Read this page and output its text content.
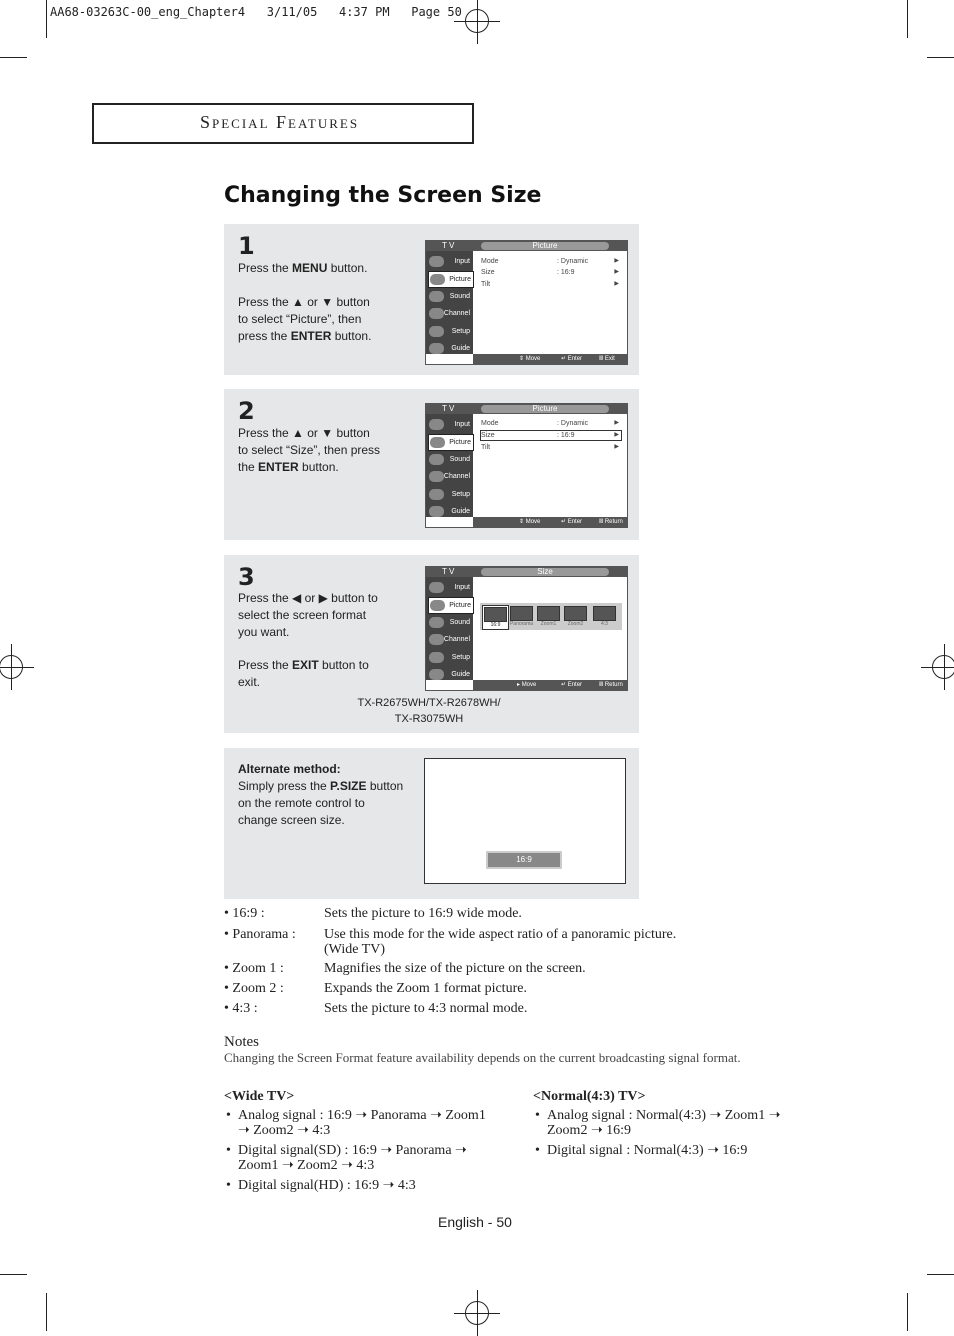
AA68-03263C-00_eng_Chapter4   3/11/05   4:37 PM   Page 50
Special Features
Changing the Screen Size
1
Press the MENU button.
Press the ▲ or ▼ button
to select “Picture”, then
press the ENTER button.
T V	Picture
Input
Picture
Sound
Channel
Setup
Guide
Mode	: Dynamic	▶
Size	: 16:9	▶
Tilt	▶
⇕ Move	↵ Enter	Ⅲ Exit
2
Press the ▲ or ▼ button
to select “Size”, then press
the ENTER button.
T V	Picture
Input
Picture
Sound
Channel
Setup
Guide
Mode	: Dynamic	▶
Size	: 16:9	▶
Tilt	▶
⇕ Move	↵ Enter	Ⅲ Return
3
Press the ◀ or ▶ button to
select the screen format
you want.
Press the EXIT button to
exit.
T V	Size
Input
Picture
Sound
Channel
Setup
Guide
16:9	Panorama	Zoom1	Zoom2	4:3
▸ Move	↵ Enter	Ⅲ Return
TX-R2675WH/TX-R2678WH/
TX-R3075WH
Alternate method:
Simply press the P.SIZE button
on the remote control to
change screen size.
16:9
• 16:9 :	Sets the picture to 16:9 wide mode.
• Panorama : Use this mode for the wide aspect ratio of a panoramic picture.
(Wide TV)
• Zoom 1 :	Magnifies the size of the picture on the screen.
• Zoom 2 :	Expands the Zoom 1 format picture.
• 4:3 :	Sets the picture to 4:3 normal mode.
Notes
Changing the Screen Format feature availability depends on the current broadcasting signal format.
<Wide TV>
• Analog signal : 16:9 ➝ Panorama ➝ Zoom1 ➝ Zoom2 ➝ 4:3
• Digital signal(SD) : 16:9 ➝ Panorama ➝ Zoom1 ➝ Zoom2 ➝ 4:3
• Digital signal(HD) : 16:9 ➝ 4:3
<Normal(4:3) TV>
• Analog signal : Normal(4:3) ➝ Zoom1 ➝ Zoom2 ➝ 16:9
• Digital signal : Normal(4:3) ➝ 16:9
English - 50
